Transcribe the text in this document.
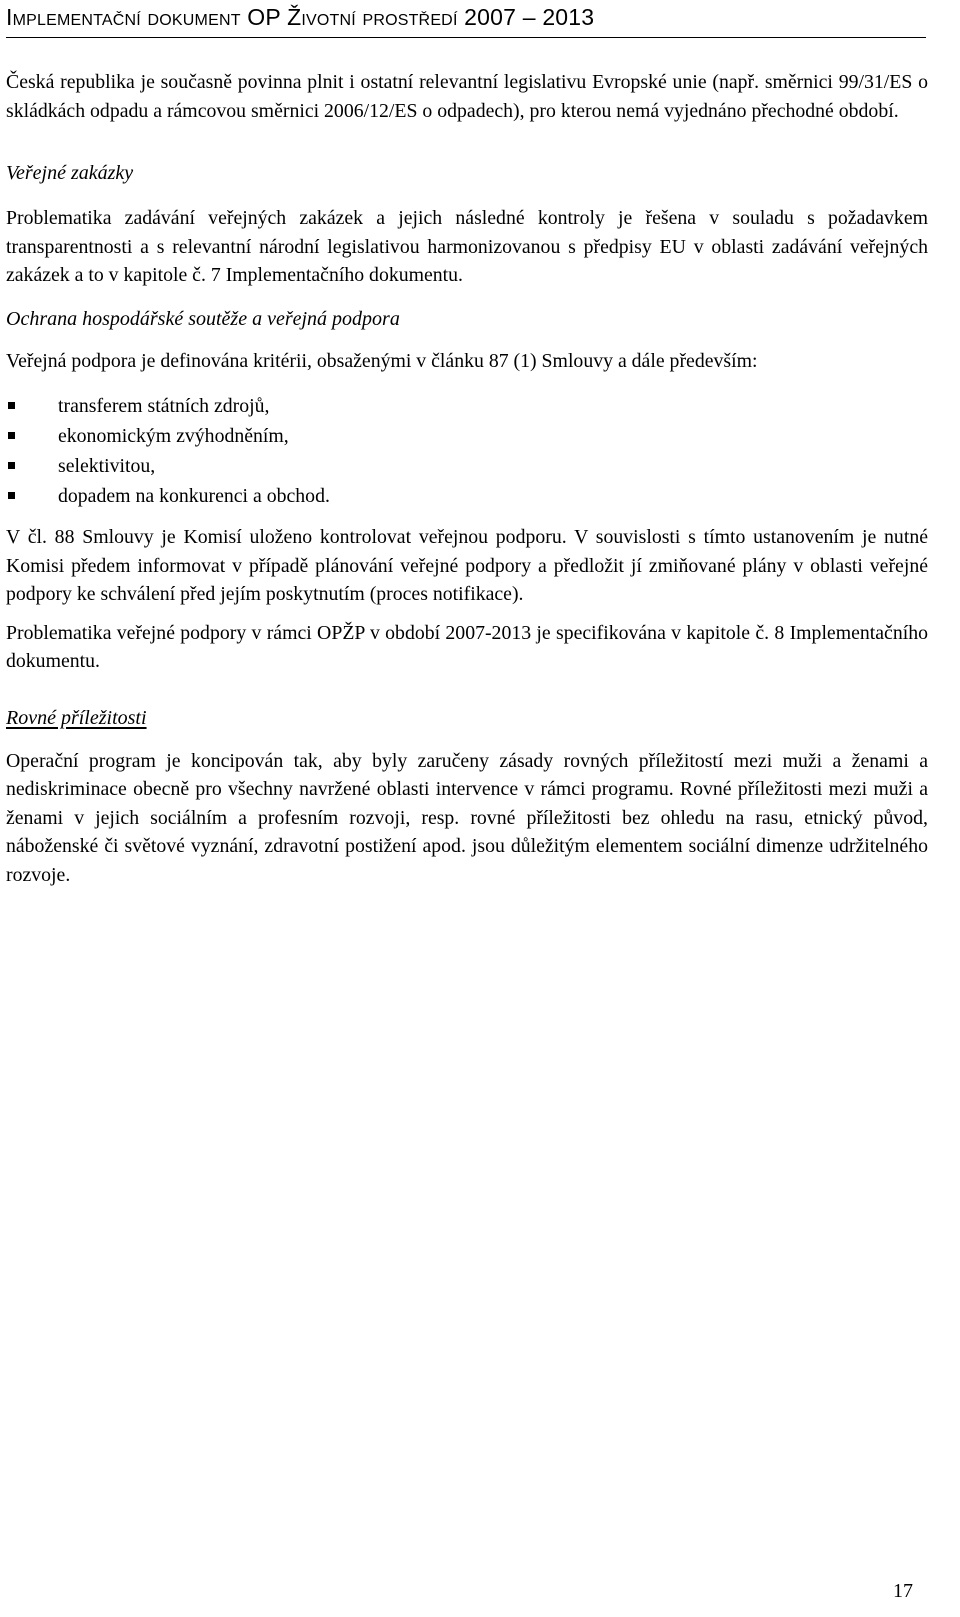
Implementační dokument OP Životní prostředí 2007 – 2013

Česká republika je současně povinna plnit i ostatní relevantní legislativu Evropské unie (např. směrnici 99/31/ES o skládkách odpadu a rámcovou směrnici 2006/12/ES o odpadech), pro kterou nemá vyjednáno přechodné období.

Veřejné zakázky

Problematika zadávání veřejných zakázek a jejich následné kontroly je řešena v souladu s požadavkem transparentnosti a s relevantní národní legislativou harmonizovanou s předpisy EU v oblasti zadávání veřejných zakázek a to v kapitole č. 7 Implementačního dokumentu.

Ochrana hospodářské soutěže a veřejná podpora

Veřejná podpora je definována kritérii, obsaženými v článku 87 (1) Smlouvy a dále především:

transferem státních zdrojů,
ekonomickým zvýhodněním,
selektivitou,
dopadem na konkurenci a obchod.

V čl. 88 Smlouvy je Komisí uloženo kontrolovat veřejnou podporu. V souvislosti s tímto ustanovením je nutné Komisi předem informovat v případě plánování veřejné podpory a předložit jí zmiňované plány v oblasti veřejné podpory ke schválení před jejím poskytnutím (proces notifikace).

Problematika veřejné podpory v rámci OPŽP v období 2007-2013 je specifikována v kapitole č. 8 Implementačního dokumentu.

Rovné příležitosti

Operační program je koncipován tak, aby byly zaručeny zásady rovných příležitostí mezi muži a ženami a nediskriminace obecně pro všechny navržené oblasti intervence v rámci programu. Rovné příležitosti mezi muži a ženami v jejich sociálním a profesním rozvoji, resp. rovné příležitosti bez ohledu na rasu, etnický původ, náboženské či světové vyznání, zdravotní postižení apod. jsou důležitým elementem sociální dimenze udržitelného rozvoje.

17
